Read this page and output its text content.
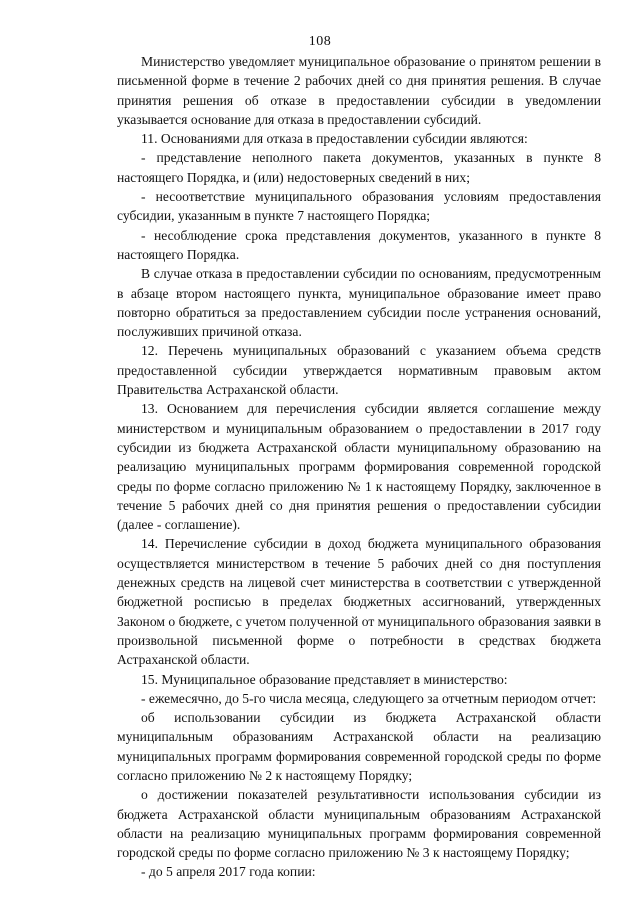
108

Министерство уведомляет муниципальное образование о принятом решении в письменной форме в течение 2 рабочих дней со дня принятия решения. В случае принятия решения об отказе в предоставлении субсидии в уведомлении указывается основание для отказа в предоставлении субсидий.

11. Основаниями для отказа в предоставлении субсидии являются:

- представление неполного пакета документов, указанных в пункте 8 настоящего Порядка, и (или) недостоверных сведений в них;

- несоответствие муниципального образования условиям предоставления субсидии, указанным в пункте 7 настоящего Порядка;

- несоблюдение срока представления документов, указанного в пункте 8 настоящего Порядка.

В случае отказа в предоставлении субсидии по основаниям, предусмотренным в абзаце втором настоящего пункта, муниципальное образование имеет право повторно обратиться за предоставлением субсидии после устранения оснований, послуживших причиной отказа.

12. Перечень муниципальных образований с указанием объема средств предоставленной субсидии утверждается нормативным правовым актом Правительства Астраханской области.

13. Основанием для перечисления субсидии является соглашение между министерством и муниципальным образованием о предоставлении в 2017 году субсидии из бюджета Астраханской области муниципальному образованию на реализацию муниципальных программ формирования современной городской среды по форме согласно приложению № 1 к настоящему Порядку, заключенное в течение 5 рабочих дней со дня принятия решения о предоставлении субсидии (далее - соглашение).

14. Перечисление субсидии в доход бюджета муниципального образования осуществляется министерством в течение 5 рабочих дней со дня поступления денежных средств на лицевой счет министерства в соответствии с утвержденной бюджетной росписью в пределах бюджетных ассигнований, утвержденных Законом о бюджете, с учетом полученной от муниципального образования заявки в произвольной письменной форме о потребности в средствах бюджета Астраханской области.

15. Муниципальное образование представляет в министерство:

- ежемесячно, до 5-го числа месяца, следующего за отчетным периодом отчет:

об использовании субсидии из бюджета Астраханской области муниципальным образованиям Астраханской области на реализацию муниципальных программ формирования современной городской среды по форме согласно приложению № 2 к настоящему Порядку;

о достижении показателей результативности использования субсидии из бюджета Астраханской области муниципальным образованиям Астраханской области на реализацию муниципальных программ формирования современной городской среды по форме согласно приложению № 3 к настоящему Порядку;

- до 5 апреля 2017 года копии:
